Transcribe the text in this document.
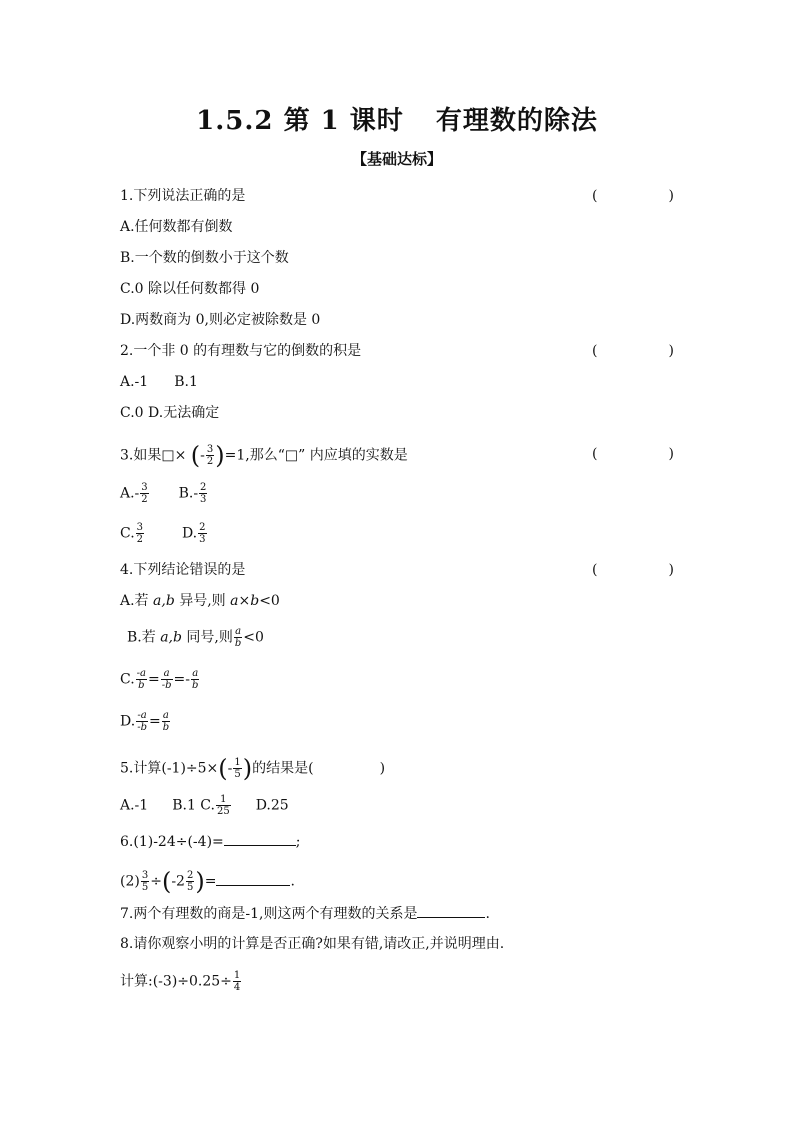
1.5.2 第 1 课时 有理数的除法
【基础达标】
1.下列说法正确的是	(	)
A.任何数都有倒数
B.一个数的倒数小于这个数
C.0 除以任何数都得 0
D.两数商为 0,则必定被除数是 0
2.一个非 0 的有理数与它的倒数的积是	(	)
A.-1 B.1
C.0 D.无法确定
3.如果□× (- $\frac{3}{2} )=1$,那么“□” 内应填的实数是	(	)
$A.- \frac{3}{2} B.- \frac{2}{3}$
C. $\frac{3}{2}$	D. $\frac{2}{3}$
4.下列结论错误的是	(	)
A.若 a,b 异号,则 a×b<0
B.若 a,b 同号,则 $\frac{a}{b} <0$
C. $\frac{-a}{b} = \frac{a}{-b} =- \frac{a}{b}$
D. $\frac{-a}{-b} = \frac{a}{b}$
5.计算$(-1)\div 5\times(- \frac{1}{5}$ )的结果是(	)
A.-1 B.1 C. $\frac{1}{25} D.25$
6.(1)-24÷(-4)=	;
$(2) \frac{3}{5} \div(-2 \frac{2}{5}$ )=	.
7.两个有理数的商是-1,则这两个有理数的关系是	.
8.请你观察小明的计算是否正确?如果有错,请改正,并说明理由.
计算:(-3)÷0.25÷ $\frac{1}{4}$
